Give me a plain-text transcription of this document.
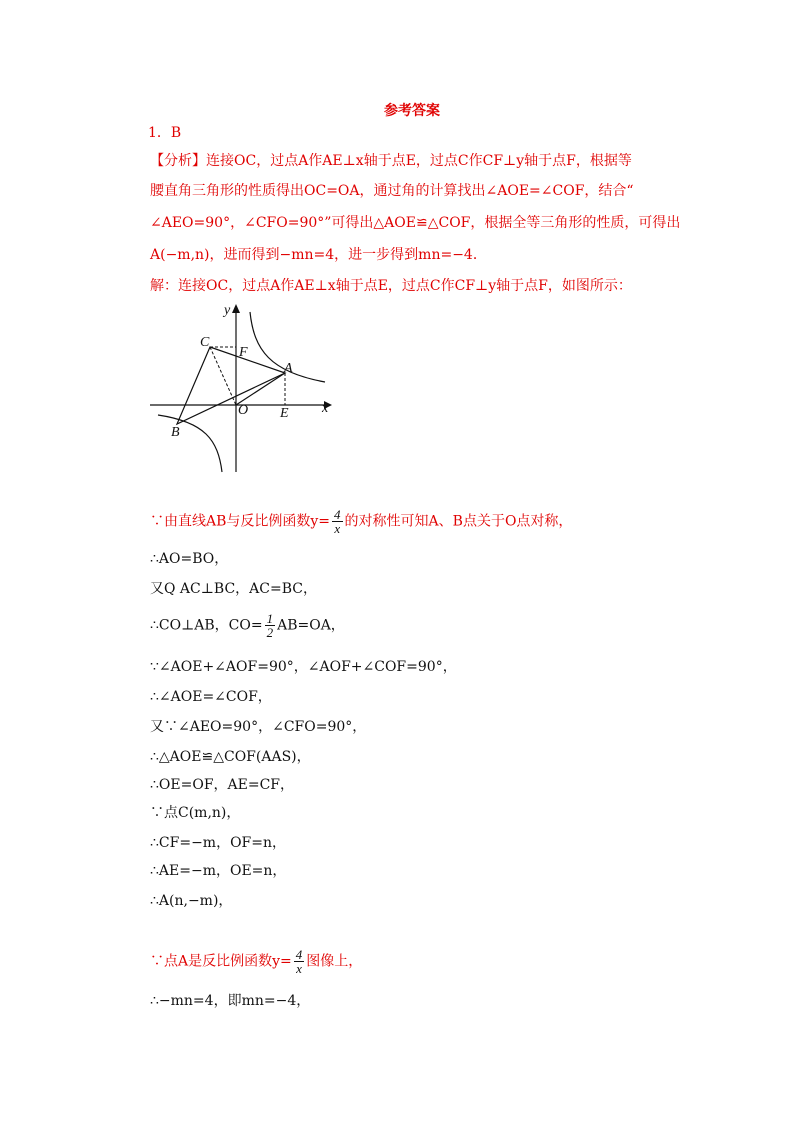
参考答案
1．B
【分析】连接OC，过点A作AE⊥x轴于点E，过点C作CF⊥y轴于点F，根据等
腰直角三角形的性质得出OC=OA，通过角的计算找出∠AOE=∠COF，结合“
∠AEO=90°，∠CFO=90°”可得出△AOE≌△COF，根据全等三角形的性质，可得出
A(−m,n)，进而得到−mn=4，进一步得到mn=−4．
解：连接OC，过点A作AE⊥x轴于点E，过点C作CF⊥y轴于点F，如图所示：
y
x
C
F
A
O E
B
∵由直线AB与反比例函数$y= \frac{4}{x}$ 的对称性可知A、B点关于O点对称，
∴AO=BO，
又Q AC⊥BC，AC=BC，
∴CO⊥AB，$CO= \frac{1}{2} AB=OA$，
∵∠AOE+∠AOF=90°，∠AOF+∠COF=90°，
∴∠AOE=∠COF，
又∵∠AEO=90°，∠CFO=90°，
∴△AOE≌△COF(AAS)，
∴OE=OF，AE=CF，
∵点C(m,n)，
∴CF=−m，OF=n，
∴AE=−m，OE=n，
∴A(n,−m)，
∵点A是反比例函数$y= \frac{4}{x}$ 图像上，
∴−mn=4，即mn=−4，
